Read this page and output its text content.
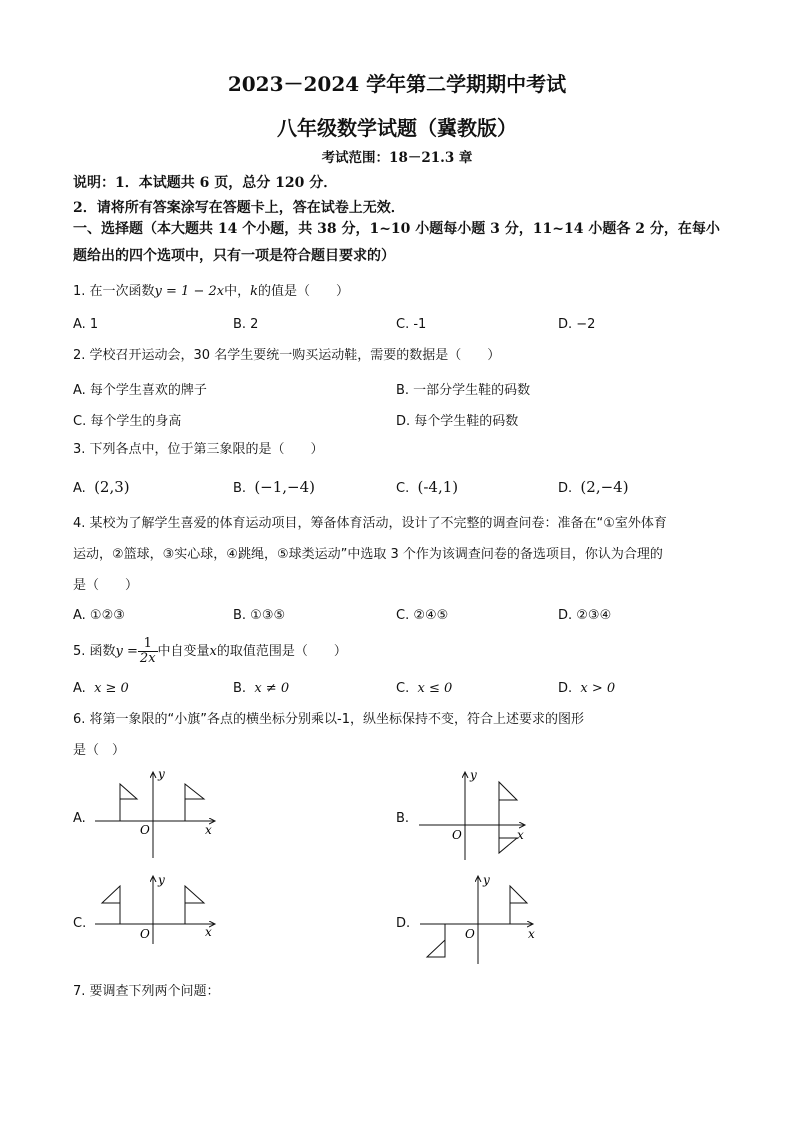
2023－2024 学年第二学期期中考试
八年级数学试题（冀教版）
考试范围：18－21.3 章
说明：1．本试题共 6 页，总分 120 分．
2．请将所有答案涂写在答题卡上，答在试卷上无效．
一、选择题（本大题共 14 个小题，共 38 分，1~10 小题每小题 3 分，11~14 小题各 2 分，在每小题给出的四个选项中，只有一项是符合题目要求的）
1. 在一次函数y = 1 − 2x中，k的值是（　　）
A. 1	B. 2	C. -1	D. −2
2. 学校召开运动会，30 名学生要统一购买运动鞋，需要的数据是（　　）
A. 每个学生喜欢的牌子	B. 一部分学生鞋的码数
C. 每个学生的身高	D. 每个学生鞋的码数
3. 下列各点中，位于第三象限的是（　　）
A. (2,3)	B. (−1,−4)	C. (-4,1)	D. (2,−4)
4. 某校为了解学生喜爱的体育运动项目，筹备体育活动，设计了不完整的调查问卷：准备在“①室外体育
运动，②篮球，③实心球，④跳绳，⑤球类运动”中选取 3 个作为该调查问卷的备选项目，你认为合理的
是（　　）
A. ①②③	B. ①③⑤	C. ②④⑤	D. ②③④
5. 函数$y = \frac{1}{2x}$ 中自变量x的取值范围是（　　）
A. x ≥ 0	B. x ≠ 0	C. x ≤ 0	D. x > 0
6. 将第一象限的“小旗”各点的横坐标分别乘以-1，纵坐标保持不变，符合上述要求的图形
是（　）
A.	B.
C.	D.
y
x
O
y
x
O
y
x
O
y
x
O
7. 要调查下列两个问题：
